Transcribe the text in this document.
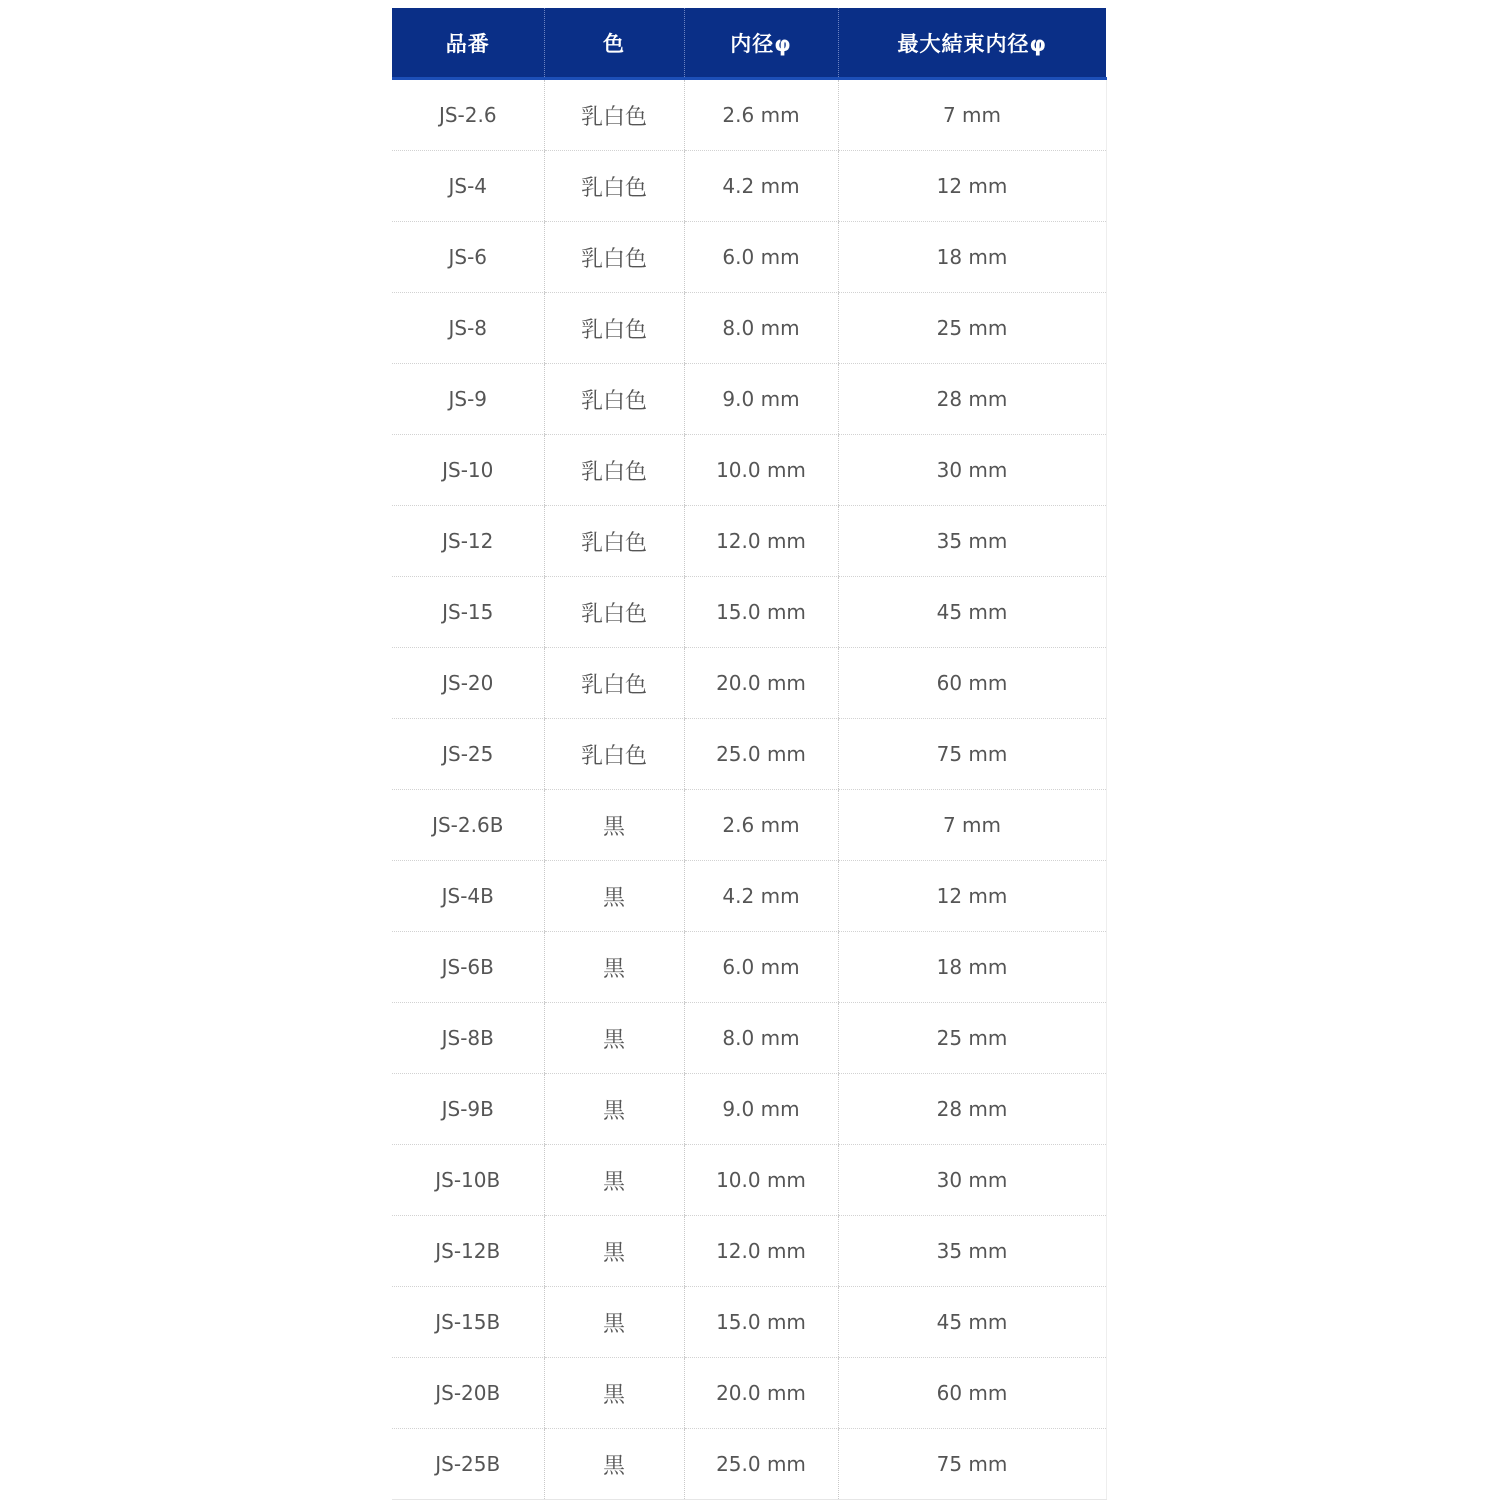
品番	色	内径φ	最大結束内径φ
JS-2.6	乳白色	2.6 mm	7 mm
JS-4	乳白色	4.2 mm	12 mm
JS-6	乳白色	6.0 mm	18 mm
JS-8	乳白色	8.0 mm	25 mm
JS-9	乳白色	9.0 mm	28 mm
JS-10	乳白色	10.0 mm	30 mm
JS-12	乳白色	12.0 mm	35 mm
JS-15	乳白色	15.0 mm	45 mm
JS-20	乳白色	20.0 mm	60 mm
JS-25	乳白色	25.0 mm	75 mm
JS-2.6B	黒	2.6 mm	7 mm
JS-4B	黒	4.2 mm	12 mm
JS-6B	黒	6.0 mm	18 mm
JS-8B	黒	8.0 mm	25 mm
JS-9B	黒	9.0 mm	28 mm
JS-10B	黒	10.0 mm	30 mm
JS-12B	黒	12.0 mm	35 mm
JS-15B	黒	15.0 mm	45 mm
JS-20B	黒	20.0 mm	60 mm
JS-25B	黒	25.0 mm	75 mm
